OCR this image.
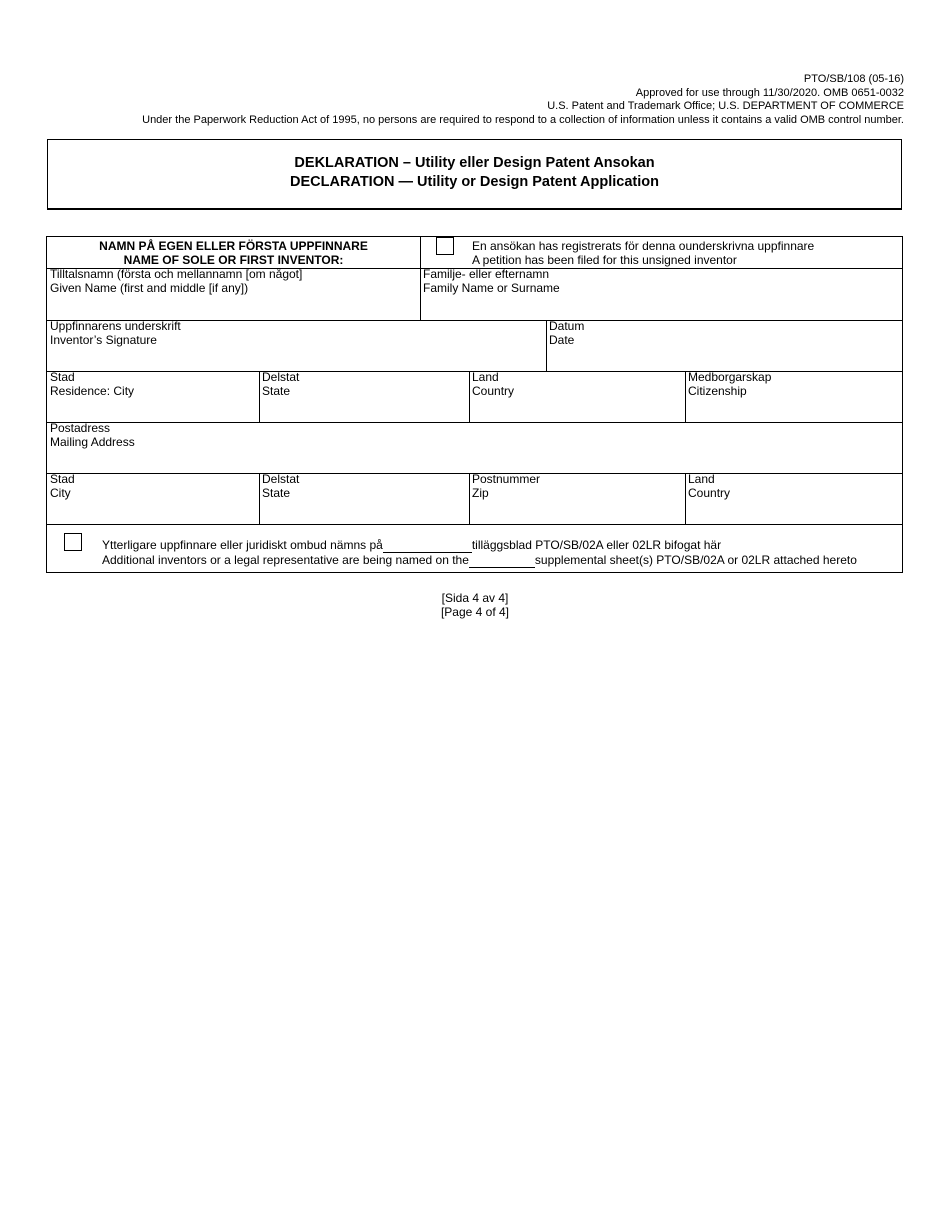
PTO/SB/108 (05-16)
Approved for use through 11/30/2020. OMB 0651-0032
U.S. Patent and Trademark Office; U.S. DEPARTMENT OF COMMERCE
Under the Paperwork Reduction Act of 1995, no persons are required to respond to a collection of information unless it contains a valid OMB control number.
DEKLARATION – Utility eller Design Patent Ansokan
DECLARATION — Utility or Design Patent Application
NAMN PÅ EGEN ELLER FÖRSTA UPPFINNARE
NAME OF SOLE OR FIRST INVENTOR:
En ansökan has registrerats för denna ounderskrivna uppfinnare
A petition has been filed for this unsigned inventor
Tilltalsnamn (första och mellannamn [om något]
Given Name (first and middle [if any])
Familje- eller efternamn
Family Name or Surname
Uppfinnarens underskrift
Inventor’s Signature
Datum
Date
Stad
Residence: City
Delstat
State
Land
Country
Medborgarskap
Citizenship
Postadress
Mailing Address
Stad
City
Delstat
State
Postnummer
Zip
Land
Country
Ytterligare uppfinnare eller juridiskt ombud nämns på	tilläggsblad PTO/SB/02A eller 02LR bifogat här
Additional inventors or a legal representative are being named on the	supplemental sheet(s) PTO/SB/02A or 02LR attached hereto
[Sida 4 av 4]
[Page 4 of 4]
